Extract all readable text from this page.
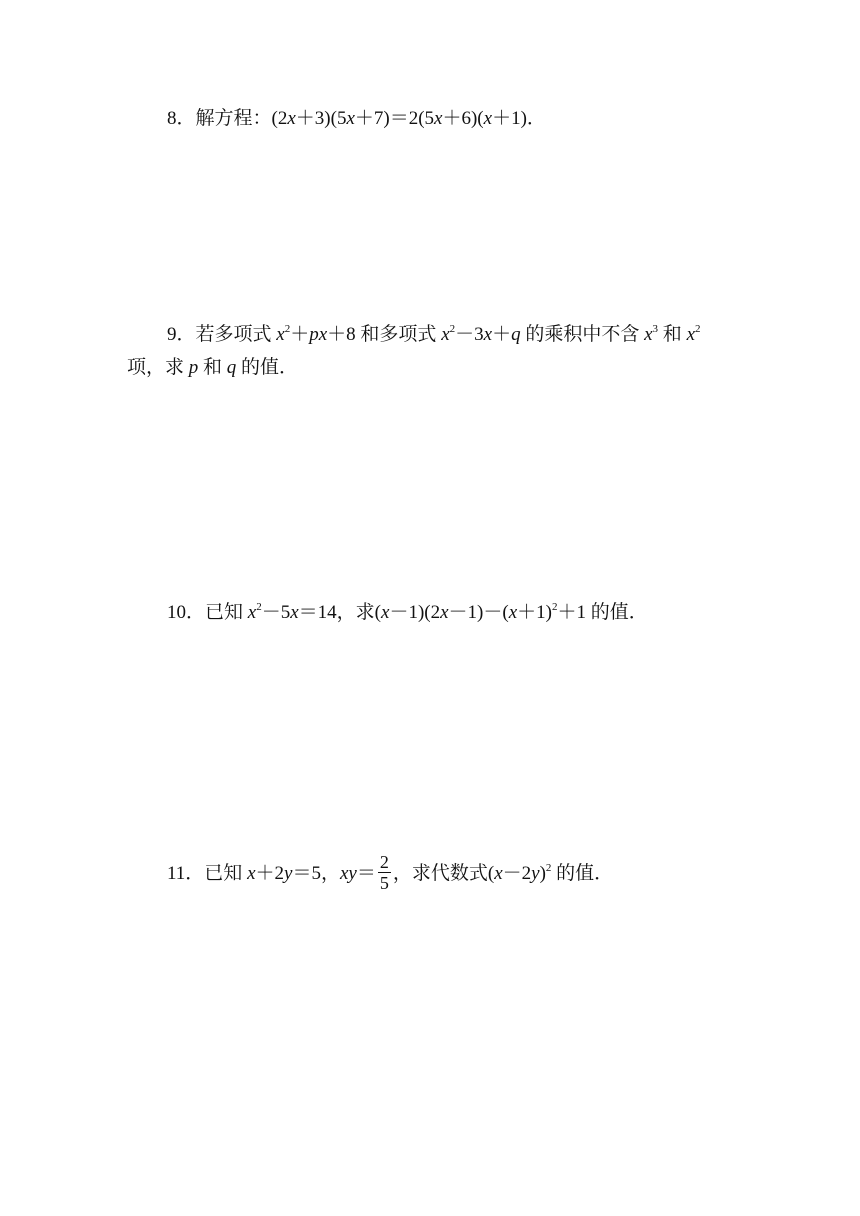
8．解方程：(2x＋3)(5x＋7)＝2(5x＋6)(x＋1)．
9．若多项式 $x^2+px+8$ 和多项式 $x^2-3x+q$ 的乘积中不含 $x^3$ 和 $x^2$
项，求 p 和 q 的值．
10．已知 $x^2-5x=14$，求$(x-1)(2x-1)-(x+1)^2+1$ 的值．
11．已知 x＋2y＝5，$xy= \frac{2}{5}$ ，求代数式$(x-2y)^2$ 的值．
